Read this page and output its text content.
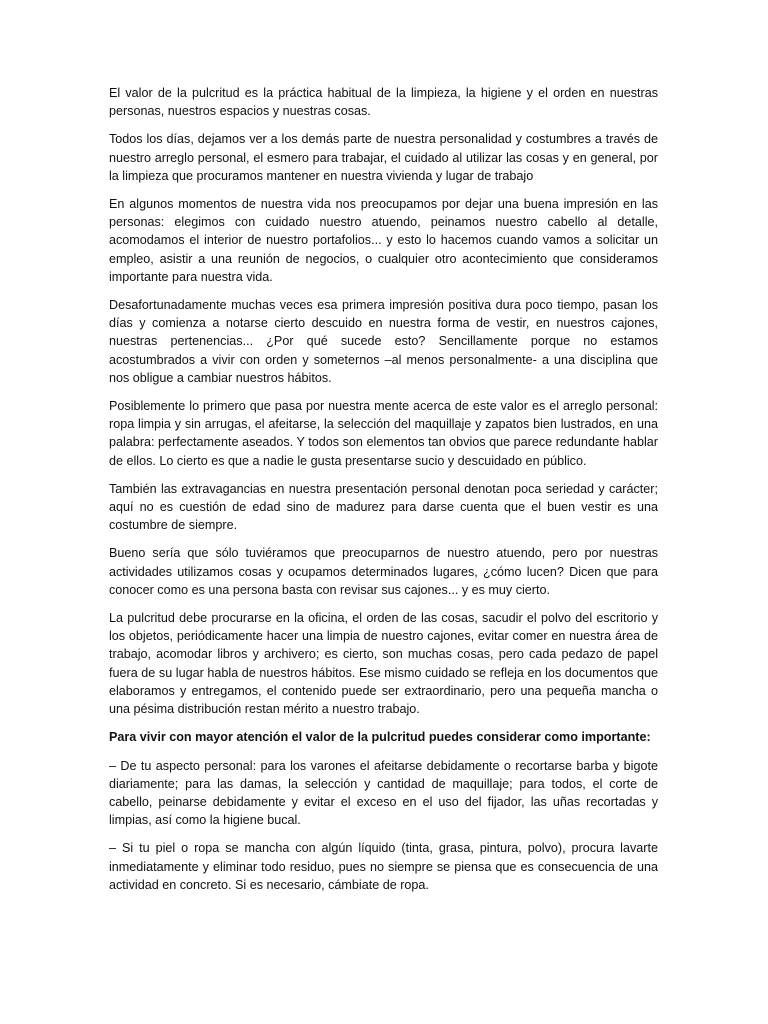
El valor de la pulcritud es la práctica habitual de la limpieza, la higiene y el orden en nuestras personas, nuestros espacios y nuestras cosas.

Todos los días, dejamos ver a los demás parte de nuestra personalidad y costumbres a través de nuestro arreglo personal, el esmero para trabajar, el cuidado al utilizar las cosas y en general, por la limpieza que procuramos mantener en nuestra vivienda y lugar de trabajo

En algunos momentos de nuestra vida nos preocupamos por dejar una buena impresión en las personas: elegimos con cuidado nuestro atuendo, peinamos nuestro cabello al detalle, acomodamos el interior de nuestro portafolios... y esto lo hacemos cuando vamos a solicitar un empleo, asistir a una reunión de negocios, o cualquier otro acontecimiento que consideramos importante para nuestra vida.

Desafortunadamente muchas veces esa primera impresión positiva dura poco tiempo, pasan los días y comienza a notarse cierto descuido en nuestra forma de vestir, en nuestros cajones, nuestras pertenencias... ¿Por qué sucede esto? Sencillamente porque no estamos acostumbrados a vivir con orden y someternos –al menos personalmente- a una disciplina que nos obligue a cambiar nuestros hábitos.

Posiblemente lo primero que pasa por nuestra mente acerca de este valor es el arreglo personal: ropa limpia y sin arrugas, el afeitarse, la selección del maquillaje y zapatos bien lustrados, en una palabra: perfectamente aseados. Y todos son elementos tan obvios que parece redundante hablar de ellos. Lo cierto es que a nadie le gusta presentarse sucio y descuidado en público.

También las extravagancias en nuestra presentación personal denotan poca seriedad y carácter; aquí no es cuestión de edad sino de madurez para darse cuenta que el buen vestir es una costumbre de siempre.

Bueno sería que sólo tuviéramos que preocuparnos de nuestro atuendo, pero por nuestras actividades utilizamos cosas y ocupamos determinados lugares, ¿cómo lucen? Dicen que para conocer como es una persona basta con revisar sus cajones... y es muy cierto.

La pulcritud debe procurarse en la oficina, el orden de las cosas, sacudir el polvo del escritorio y los objetos, periódicamente hacer una limpia de nuestro cajones, evitar comer en nuestra área de trabajo, acomodar libros y archivero; es cierto, son muchas cosas, pero cada pedazo de papel fuera de su lugar habla de nuestros hábitos. Ese mismo cuidado se refleja en los documentos que elaboramos y entregamos, el contenido puede ser extraordinario, pero una pequeña mancha o una pésima distribución restan mérito a nuestro trabajo.

Para vivir con mayor atención el valor de la pulcritud puedes considerar como importante:

– De tu aspecto personal: para los varones el afeitarse debidamente o recortarse barba y bigote diariamente; para las damas, la selección y cantidad de maquillaje; para todos, el corte de cabello, peinarse debidamente y evitar el exceso en el uso del fijador, las uñas recortadas y limpias, así como la higiene bucal.

– Si tu piel o ropa se mancha con algún líquido (tinta, grasa, pintura, polvo), procura lavarte inmediatamente y eliminar todo residuo, pues no siempre se piensa que es consecuencia de una actividad en concreto. Si es necesario, cámbiate de ropa.
